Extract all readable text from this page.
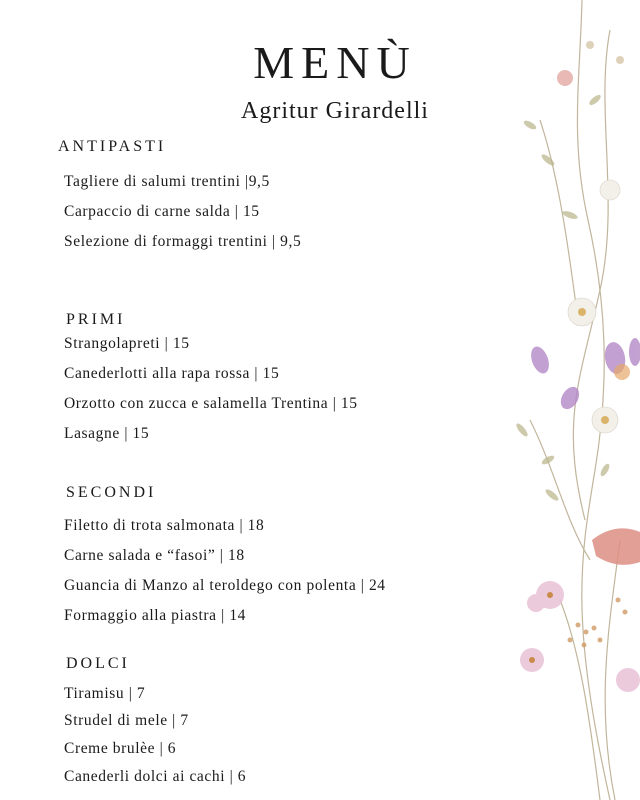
MENÙ
Agritur Girardelli
ANTIPASTI
Tagliere di salumi trentini |9,5
Carpaccio di carne salda | 15
Selezione di formaggi trentini | 9,5
PRIMI
Strangolapreti | 15
Canederlotti alla rapa rossa | 15
Orzotto con zucca e salamella Trentina | 15
Lasagne | 15
SECONDI
Filetto di trota salmonata | 18
Carne salada e “fasoi” | 18
Guancia di Manzo al teroldego con polenta | 24
Formaggio alla piastra | 14
DOLCI
Tiramisu | 7
Strudel di mele | 7
Creme brulèe | 6
Canederli dolci ai cachi | 6
